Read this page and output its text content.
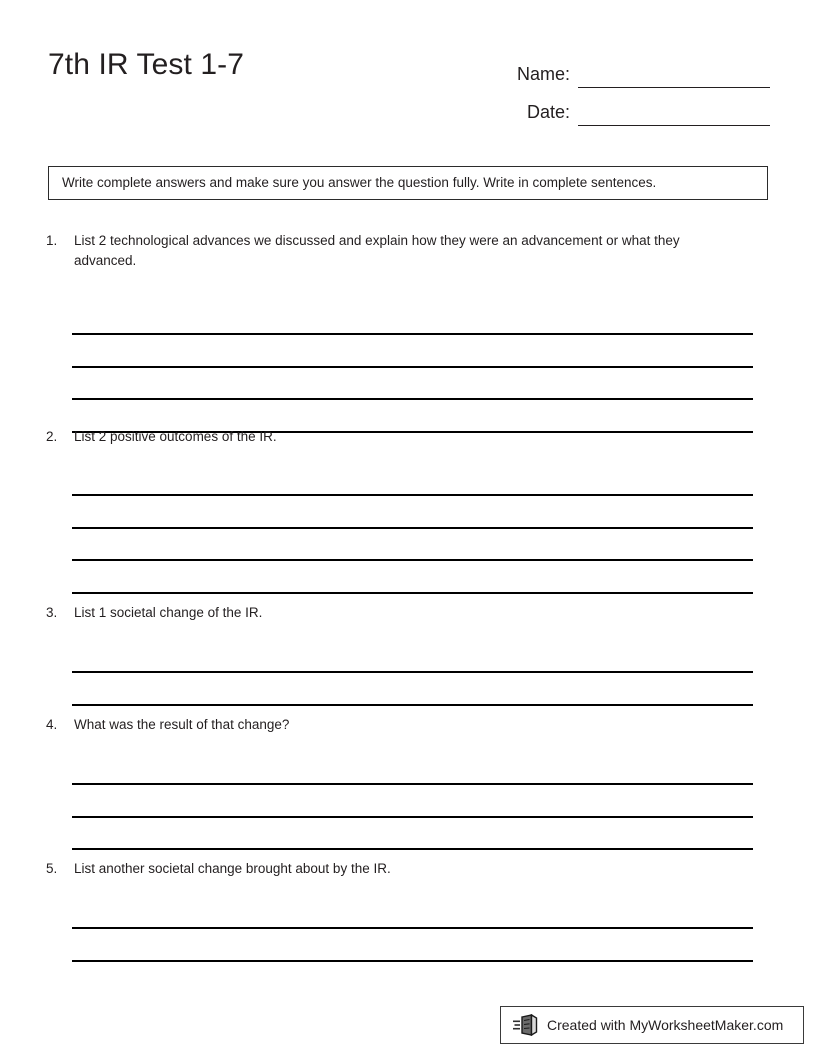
7th IR Test 1-7	Name:
Date:
Write complete answers and make sure you answer the question fully. Write in complete sentences.
1.	List 2 technological advances we discussed and explain how they were an advancement or what they advanced.
2.	List 2 positive outcomes of the IR.
3.	List 1 societal change of the IR.
4.	What was the result of that change?
5.	List another societal change brought about by the IR.
Created with MyWorksheetMaker.com
